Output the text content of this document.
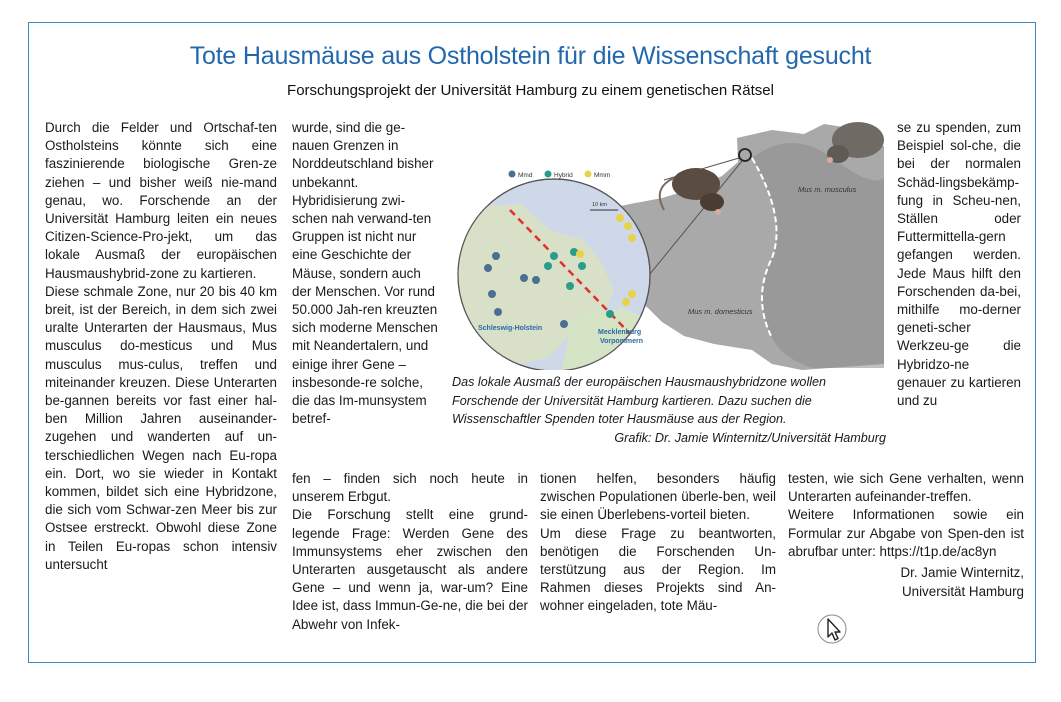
Tote Hausmäuse aus Ostholstein für die Wissenschaft gesucht
Forschungsprojekt der Universität Hamburg zu einem genetischen Rätsel

Durch die Felder und Ortschaf-ten Ostholsteins könnte sich eine faszinierende biologische Gren-ze ziehen – und bisher weiß nie-mand genau, wo. Forschende an der Universität Hamburg leiten ein neues Citizen-Science-Pro-jekt, um das lokale Ausmaß der europäischen Hausmaushybrid-zone zu kartieren.

Diese schmale Zone, nur 20 bis 40 km breit, ist der Bereich, in dem sich zwei uralte Unterarten der Hausmaus, Mus musculus do-mesticus und Mus musculus mus-culus, treffen und miteinander kreuzen. Diese Unterarten be-gannen bereits vor fast einer hal-ben Million Jahren auseinander-zugehen und wanderten auf un-terschiedlichen Wegen nach Eu-ropa ein. Dort, wo sie wieder in Kontakt kommen, bildet sich eine Hybridzone, die sich vom Schwar-zen Meer bis zur Ostsee erstreckt. Obwohl diese Zone in Teilen Eu-ropas schon intensiv untersucht

wurde, sind die ge-nauen Grenzen in Norddeutschland bisher unbekannt.

Hybridisierung zwi-schen nah verwand-ten Gruppen ist nicht nur eine Geschichte der Mäuse, sondern auch der Menschen. Vor rund 50.000 Jah-ren kreuzten sich moderne Menschen mit Neandertalern, und einige ihrer Gene – insbesonde-re solche, die das Im-munsystem betref-

Mus m. musculus
Mus m. domesticus
Mmd	Hybrid	Mmm
10 km
Schleswig-Holstein
Mecklenburg
Vorpommern

Das lokale Ausmaß der europäischen Hausmaushybridzone wollen Forschende der Universität Hamburg kartieren. Dazu suchen die Wissenschaftler Spenden toter Hausmäuse aus der Region.

Grafik: Dr. Jamie Winternitz/Universität Hamburg

se zu spenden, zum Beispiel sol-che, die bei der normalen Schäd-lingsbekämp-fung in Scheu-nen, Ställen oder Futtermittella-gern gefangen werden. Jede Maus hilft den Forschenden da-bei, mithilfe mo-derner geneti-scher Werkzeu-ge die Hybridzo-ne genauer zu kartieren und zu

fen – finden sich noch heute in unserem Erbgut.

Die Forschung stellt eine grund-legende Frage: Werden Gene des Immunsystems eher zwischen den Unterarten ausgetauscht als andere Gene – und wenn ja, war-um? Eine Idee ist, dass Immun-Ge-ne, die bei der Abwehr von Infek-

tionen helfen, besonders häufig zwischen Populationen überle-ben, weil sie einen Überlebens-vorteil bieten.

Um diese Frage zu beantworten, benötigen die Forschenden Un-terstützung aus der Region. Im Rahmen dieses Projekts sind An-wohner eingeladen, tote Mäu-

testen, wie sich Gene verhalten, wenn Unterarten aufeinander-treffen.

Weitere Informationen sowie ein Formular zur Abgabe von Spen-den ist abrufbar unter: https://t1p.de/ac8yn

Dr. Jamie Winternitz,
Universität Hamburg
